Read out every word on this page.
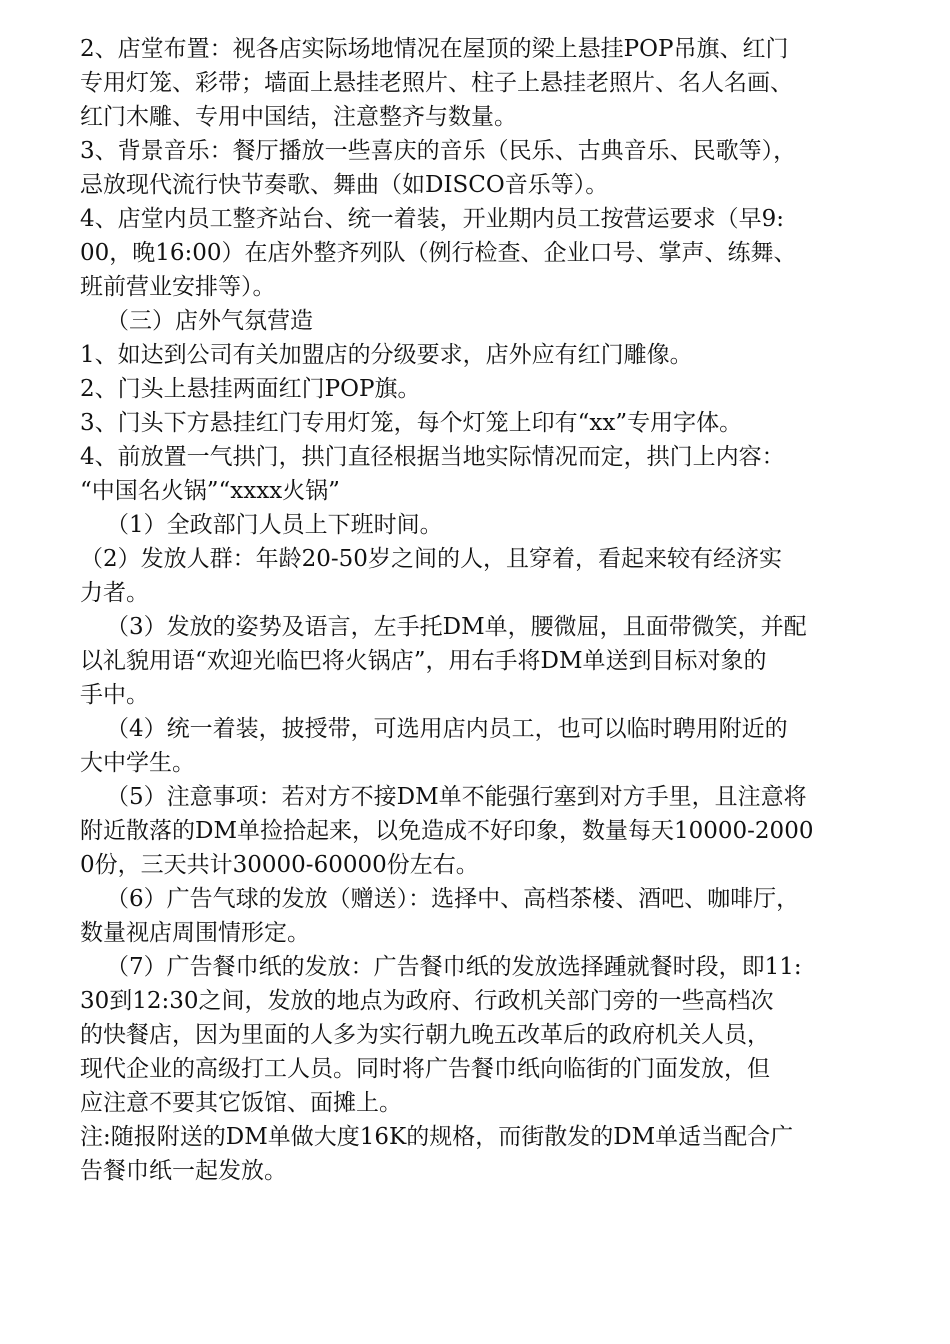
2、店堂布置：视各店实际场地情况在屋顶的梁上悬挂POP吊旗、红门
专用灯笼、彩带；墙面上悬挂老照片、柱子上悬挂老照片、名人名画、
红门木雕、专用中国结，注意整齐与数量。
3、背景音乐：餐厅播放一些喜庆的音乐（民乐、古典音乐、民歌等），
忌放现代流行快节奏歌、舞曲（如DISCO音乐等）。
4、店堂内员工整齐站台、统一着装，开业期内员工按营运要求（早9:
00，晚16:00）在店外整齐列队（例行检查、企业口号、掌声、练舞、
班前营业安排等）。
（三）店外气氛营造
1、如达到公司有关加盟店的分级要求，店外应有红门雕像。
2、门头上悬挂两面红门POP旗。
3、门头下方悬挂红门专用灯笼，每个灯笼上印有“xx”专用字体。
4、前放置一气拱门，拱门直径根据当地实际情况而定，拱门上内容：
“中国名火锅”“xxxx火锅”
（1）全政部门人员上下班时间。
（2）发放人群：年龄20-50岁之间的人，且穿着，看起来较有经济实
力者。
（3）发放的姿势及语言，左手托DM单，腰微屈，且面带微笑，并配
以礼貌用语“欢迎光临巴将火锅店”，用右手将DM单送到目标对象的
手中。
（4）统一着装，披授带，可选用店内员工，也可以临时聘用附近的
大中学生。
（5）注意事项：若对方不接DM单不能强行塞到对方手里，且注意将
附近散落的DM单捡拾起来，以免造成不好印象，数量每天10000-2000
0份，三天共计30000-60000份左右。
（6）广告气球的发放（赠送）：选择中、高档茶楼、酒吧、咖啡厅，
数量视店周围情形定。
（7）广告餐巾纸的发放：广告餐巾纸的发放选择踵就餐时段，即11:
30到12:30之间，发放的地点为政府、行政机关部门旁的一些高档次
的快餐店，因为里面的人多为实行朝九晚五改革后的政府机关人员，
现代企业的高级打工人员。同时将广告餐巾纸向临街的门面发放，但
应注意不要其它饭馆、面摊上。
注:随报附送的DM单做大度16K的规格，而街散发的DM单适当配合广
告餐巾纸一起发放。
